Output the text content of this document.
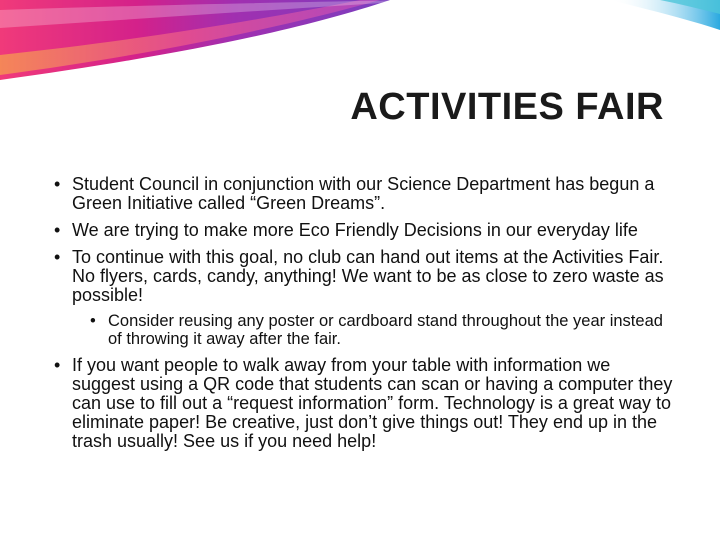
ACTIVITIES FAIR
• Student Council in conjunction with our Science Department has begun a Green Initiative called “Green Dreams”.
• We are trying to make more Eco Friendly Decisions in our everyday life
• To continue with this goal, no club can hand out items at the Activities Fair. No flyers, cards, candy, anything! We want to be as close to zero waste as possible!
• Consider reusing any poster or cardboard stand throughout the year instead of throwing it away after the fair.
• If you want people to walk away from your table with information we suggest using a QR code that students can scan or having a computer they can use to fill out a “request information” form. Technology is a great way to eliminate paper! Be creative, just don’t give things out! They end up in the trash usually! See us if you need help!
